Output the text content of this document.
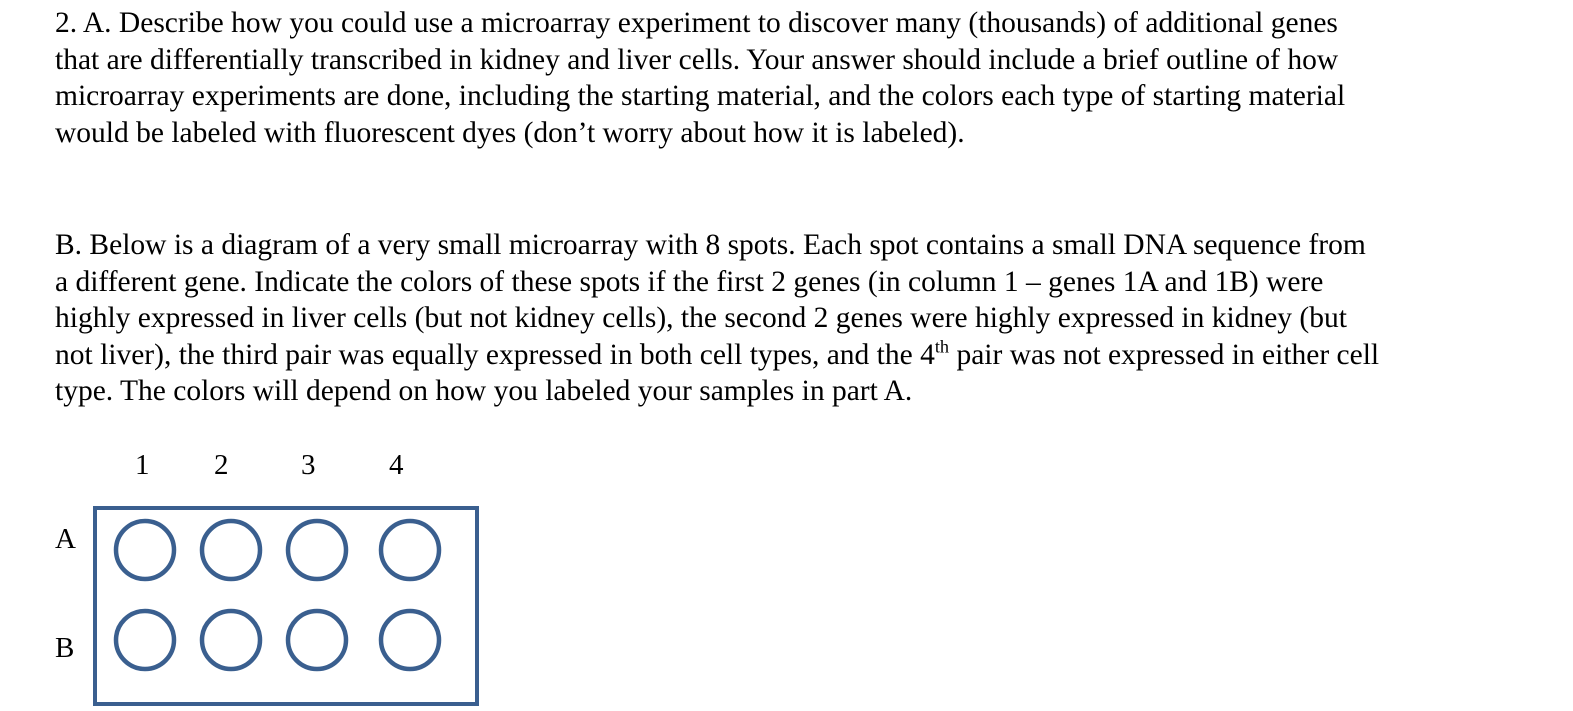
2. A. Describe how you could use a microarray experiment to discover many (thousands) of additional genes
that are differentially transcribed in kidney and liver cells. Your answer should include a brief outline of how
microarray experiments are done, including the starting material, and the colors each type of starting material
would be labeled with fluorescent dyes (don’t worry about how it is labeled).
B. Below is a diagram of a very small microarray with 8 spots. Each spot contains a small DNA sequence from
a different gene. Indicate the colors of these spots if the first 2 genes (in column 1 – genes 1A and 1B) were
highly expressed in liver cells (but not kidney cells), the second 2 genes were highly expressed in kidney (but
not liver), the third pair was equally expressed in both cell types, and the 4th pair was not expressed in either cell
type. The colors will depend on how you labeled your samples in part A.
1 2	3	4
A
B
